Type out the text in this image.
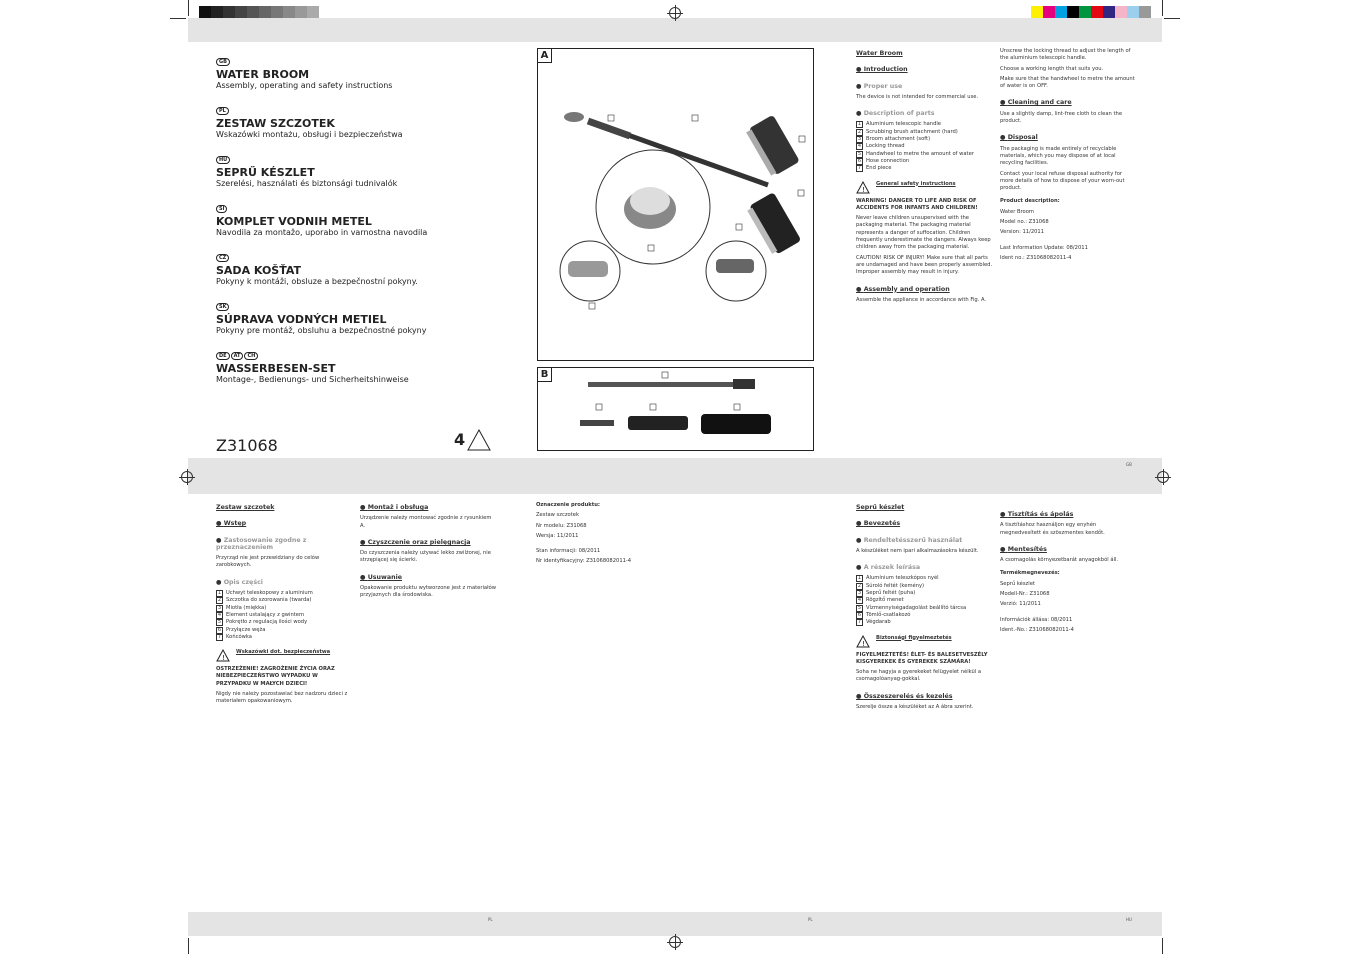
GB
WATER BROOM
Assembly, operating and safety instructions
PL
ZESTAW SZCZOTEK
Wskazówki montażu, obsługi i bezpieczeństwa
HU
SEPRŰ KÉSZLET
Szerelési, használati és biztonsági tudnivalók
SI
KOMPLET VODNIH METEL
Navodila za montažo, uporabo in varnostna navodila
CZ
SADA KOŠŤAT
Pokyny k montáži, obsluze a bezpečnostní pokyny.
SK
SÚPRAVA VODNÝCH METIEL
Pokyny pre montáž, obsluhu a bezpečnostné pokyny
DE AT CH
WASSERBESEN-SET
Montage-, Bedienungs- und Sicherheitshinweise
Z31068	4
A
B
Water Broom
● Introduction
● Proper use

The device is not intended for commercial use.

● Description of parts
1 Aluminium telescopic handle
2 Scrubbing brush attachment (hard)
3 Broom attachment (soft)
4 Locking thread
5 Handwheel to metre the amount of water
6 Hose connection
7 End piece
!
General safety instructions

WARNING! DANGER TO LIFE AND RISK OF ACCIDENTS FOR INFANTS AND CHILDREN!

Never leave children unsupervised with the packaging material. The packaging material represents a danger of suffocation. Children frequently underestimate the dangers. Always keep children away from the packaging material.

CAUTION! RISK OF INJURY! Make sure that all parts are undamaged and have been properly assembled. Improper assembly may result in injury.

● Assembly and operation

Assemble the appliance in accordance with Fig. A.

Unscrew the locking thread to adjust the length of the aluminium telescopic handle.

Choose a working length that suits you.

Make sure that the handwheel to metre the amount of water is on OFF.

● Cleaning and care

Use a slightly damp, lint-free cloth to clean the product.

● Disposal

The packaging is made entirely of recyclable materials, which you may dispose of at local recycling facilities.

Contact your local refuse disposal authority for more details of how to dispose of your worn-out product.

Product description:

Water Broom

Model no.: Z31068

Version: 11/2011

Last Information Update: 08/2011

Ident no.: Z31068082011-4

GB
Zestaw szczotek
● Wstęp
● Zastosowanie zgodne z przeznaczeniem

Przyrząd nie jest przewidziany do celów zarobkowych.

● Opis części
1 Uchwyt teleskopowy z aluminium
2 Szczotka do szorowania (twarda)
3 Miotła (miękka)
4 Element ustalający z gwintem
5 Pokrętło z regulacją ilości wody
6 Przyłącze węża
7 Końcówka
!
Wskazówki dot. bezpieczeństwa

OSTRZEŻENIE! ZAGROŻENIE ŻYCIA ORAZ NIEBEZPIECZEŃSTWO WYPADKU W PRZYPADKU W MAŁYCH DZIECI!

Nigdy nie należy pozostawiać bez nadzoru dzieci z materiałem opakowaniowym.

● Montaż i obsługa

Urządzenie należy montować zgodnie z rysunkiem A.

● Czyszczenie oraz pielęgnacja

Do czyszczenia należy używać lekko zwilżonej, nie strzępiącej się ścierki.

● Usuwanie

Opakowanie produktu wytworzone jest z materiałów przyjaznych dla środowiska.

Oznaczenie produktu:

Zestaw szczotek

Nr modelu: Z31068

Wersja: 11/2011

Stan informacji: 08/2011

Nr identyfikacyjny: Z31068082011-4

Seprű készlet
● Bevezetés
● Rendeltetésszerű használat

A készüléket nem ipari alkalmazásokra készült.

● A részek leírása
1 Alumínium teleszkópos nyél
2 Súroló feltét (kemény)
3 Seprű feltét (puha)
4 Rögzítő menet
5 Vízmennyiségadagolást beállító tárcsa
6 Tömlő-csatlakozó
7 Végdarab
!
Biztonsági figyelmeztetés

FIGYELMEZTETÉS! ÉLET- ÉS BALESETVESZÉLY KISGYEREKEK ÉS GYEREKEK SZÁMÁRA!

Soha ne hagyja a gyerekeket felügyelet nélkül a csomagolóanyag-gokkal.

● Összeszerelés és kezelés

Szerelje össze a készüléket az A ábra szerint.

● Tisztítás és ápolás

A tisztításhoz használjon egy enyhén megnedvesített és szöszmentes kendőt.

● Mentesítés

A csomagolás környezetbarát anyagokból áll.

Termékmegnevezés:

Seprű készlet

Modell-Nr.: Z31068

Verzió: 11/2011

Információk állása: 08/2011

Ident.-No.: Z31068082011-4

PL	PL	HU
